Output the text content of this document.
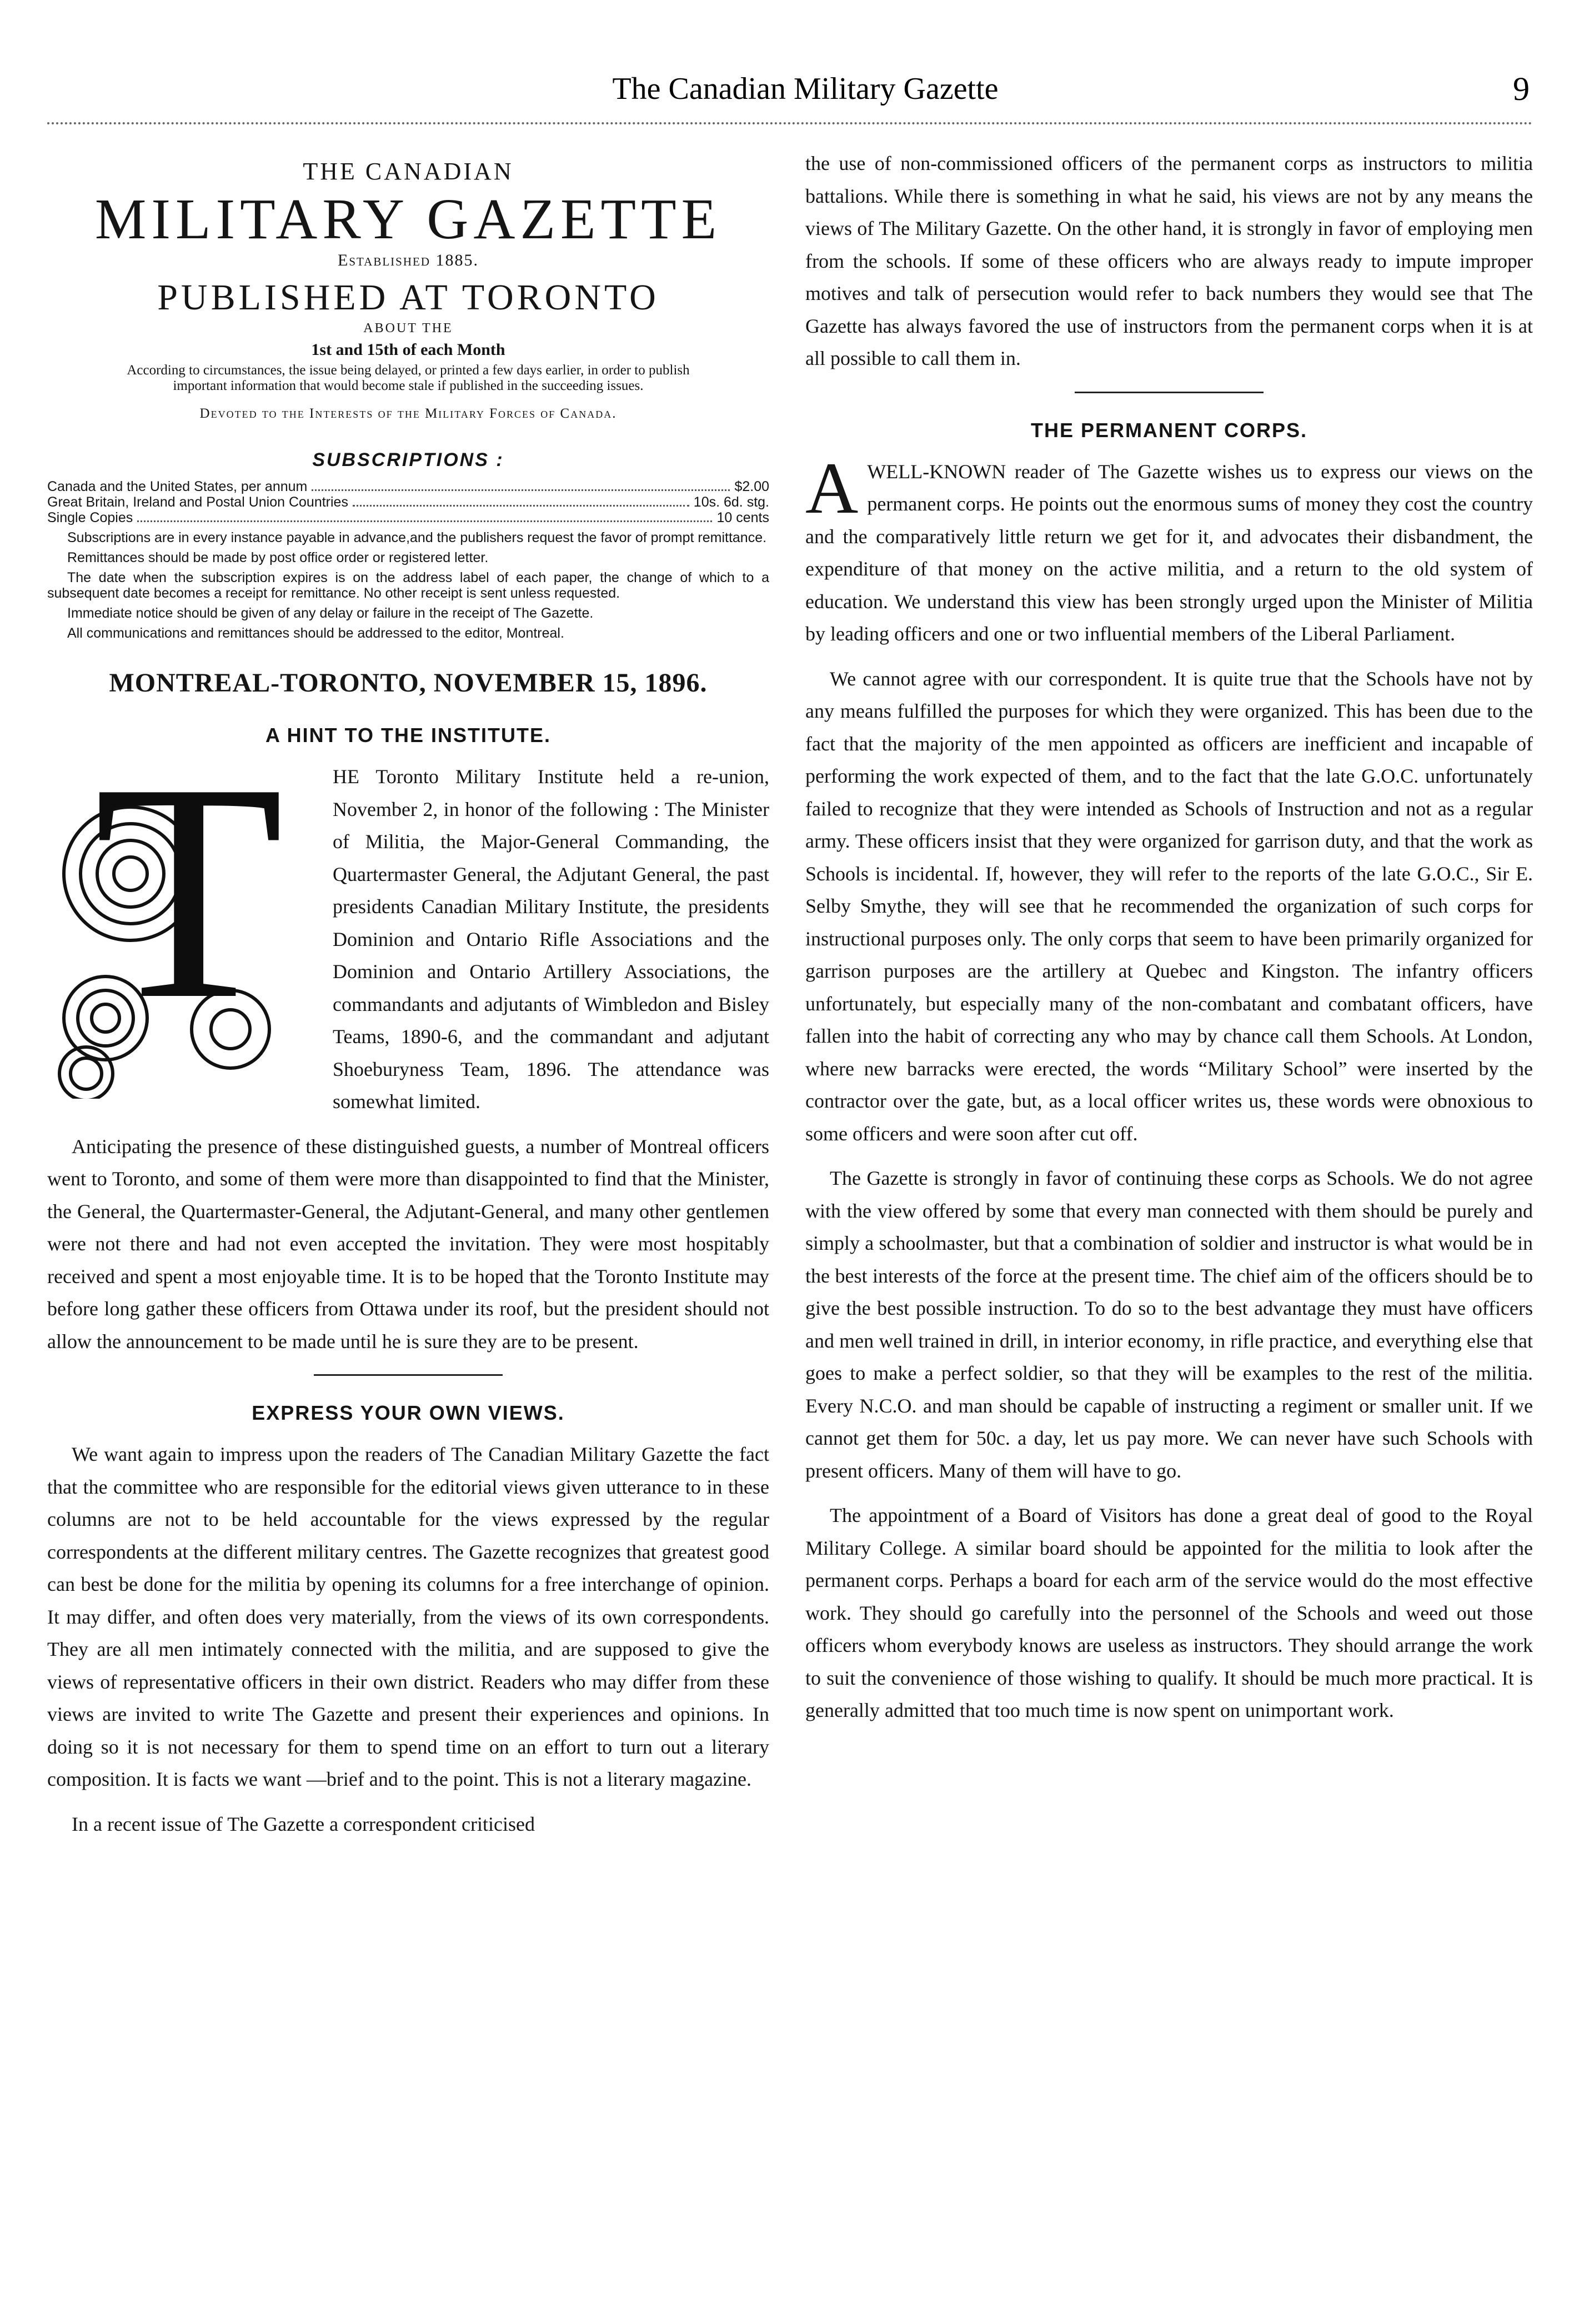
The Canadian Military Gazette	9
THE CANADIAN
MILITARY GAZETTE
Established 1885.
PUBLISHED AT TORONTO
ABOUT THE
1st and 15th of each Month
According to circumstances, the issue being delayed, or printed a few days earlier, in order to publish important information that would become stale if published in the succeeding issues.
Devoted to the Interests of the Military Forces of Canada.
SUBSCRIPTIONS :
Canada and the United States, per annum	$2.00
Great Britain, Ireland and Postal Union Countries	10s. 6d. stg.
Single Copies	10 cents

Subscriptions are in every instance payable in advance,and the publishers request the favor of prompt remittance.

Remittances should be made by post office order or registered letter.

The date when the subscription expires is on the address label of each paper, the change of which to a subsequent date becomes a receipt for remittance. No other receipt is sent unless requested.

Immediate notice should be given of any delay or failure in the receipt of The Gazette.

All communications and remittances should be addressed to the editor, Montreal.

MONTREAL-TORONTO, NOVEMBER 15, 1896.
A HINT TO THE INSTITUTE.
T	HE Toronto Military Institute held a re-union, November 2, in honor of the following : The Minister of Militia, the Major-General Commanding, the Quartermaster General, the Adjutant General, the past presidents Canadian Military Institute, the presidents Dominion and Ontario Rifle Associations and the Dominion and Ontario Artillery Associations, the commandants and adjutants of Wimbledon and Bisley Teams, 1890-6, and the commandant and adjutant Shoeburyness Team, 1896. The attendance was somewhat limited.

Anticipating the presence of these distinguished guests, a number of Montreal officers went to Toronto, and some of them were more than disappointed to find that the Minister, the General, the Quartermaster-General, the Adjutant-General, and many other gentlemen were not there and had not even accepted the invitation. They were most hospitably received and spent a most enjoyable time. It is to be hoped that the Toronto Institute may before long gather these officers from Ottawa under its roof, but the president should not allow the announcement to be made until he is sure they are to be present.

EXPRESS YOUR OWN VIEWS.

We want again to impress upon the readers of The Canadian Military Gazette the fact that the committee who are responsible for the editorial views given utterance to in these columns are not to be held accountable for the views expressed by the regular correspondents at the different military centres. The Gazette recognizes that greatest good can best be done for the militia by opening its columns for a free interchange of opinion. It may differ, and often does very materially, from the views of its own correspondents. They are all men intimately connected with the militia, and are supposed to give the views of representative officers in their own district. Readers who may differ from these views are invited to write The Gazette and present their experiences and opinions. In doing so it is not necessary for them to spend time on an effort to turn out a literary composition. It is facts we want —brief and to the point. This is not a literary magazine.

In a recent issue of The Gazette a correspondent criticised

the use of non-commissioned officers of the permanent corps as instructors to militia battalions. While there is something in what he said, his views are not by any means the views of The Military Gazette. On the other hand, it is strongly in favor of employing men from the schools. If some of these officers who are always ready to impute improper motives and talk of persecution would refer to back numbers they would see that The Gazette has always favored the use of instructors from the permanent corps when it is at all possible to call them in.

THE PERMANENT CORPS.
A WELL-KNOWN reader of The Gazette wishes us to express our views on the permanent corps. He points out the enormous sums of money they cost the country and the comparatively little return we get for it, and advocates their disbandment, the expenditure of that money on the active militia, and a return to the old system of education. We understand this view has been strongly urged upon the Minister of Militia by leading officers and one or two influential members of the Liberal Parliament.

We cannot agree with our correspondent. It is quite true that the Schools have not by any means fulfilled the purposes for which they were organized. This has been due to the fact that the majority of the men appointed as officers are inefficient and incapable of performing the work expected of them, and to the fact that the late G.O.C. unfortunately failed to recognize that they were intended as Schools of Instruction and not as a regular army. These officers insist that they were organized for garrison duty, and that the work as Schools is incidental. If, however, they will refer to the reports of the late G.O.C., Sir E. Selby Smythe, they will see that he recommended the organization of such corps for instructional purposes only. The only corps that seem to have been primarily organized for garrison purposes are the artillery at Quebec and Kingston. The infantry officers unfortunately, but especially many of the non-combatant and combatant officers, have fallen into the habit of correcting any who may by chance call them Schools. At London, where new barracks were erected, the words “Military School” were inserted by the contractor over the gate, but, as a local officer writes us, these words were obnoxious to some officers and were soon after cut off.

The Gazette is strongly in favor of continuing these corps as Schools. We do not agree with the view offered by some that every man connected with them should be purely and simply a schoolmaster, but that a combination of soldier and instructor is what would be in the best interests of the force at the present time. The chief aim of the officers should be to give the best possible instruction. To do so to the best advantage they must have officers and men well trained in drill, in interior economy, in rifle practice, and everything else that goes to make a perfect soldier, so that they will be examples to the rest of the militia. Every N.C.O. and man should be capable of instructing a regiment or smaller unit. If we cannot get them for 50c. a day, let us pay more. We can never have such Schools with present officers. Many of them will have to go.

The appointment of a Board of Visitors has done a great deal of good to the Royal Military College. A similar board should be appointed for the militia to look after the permanent corps. Perhaps a board for each arm of the service would do the most effective work. They should go carefully into the personnel of the Schools and weed out those officers whom everybody knows are useless as instructors. They should arrange the work to suit the convenience of those wishing to qualify. It should be much more practical. It is generally admitted that too much time is now spent on unimportant work.
